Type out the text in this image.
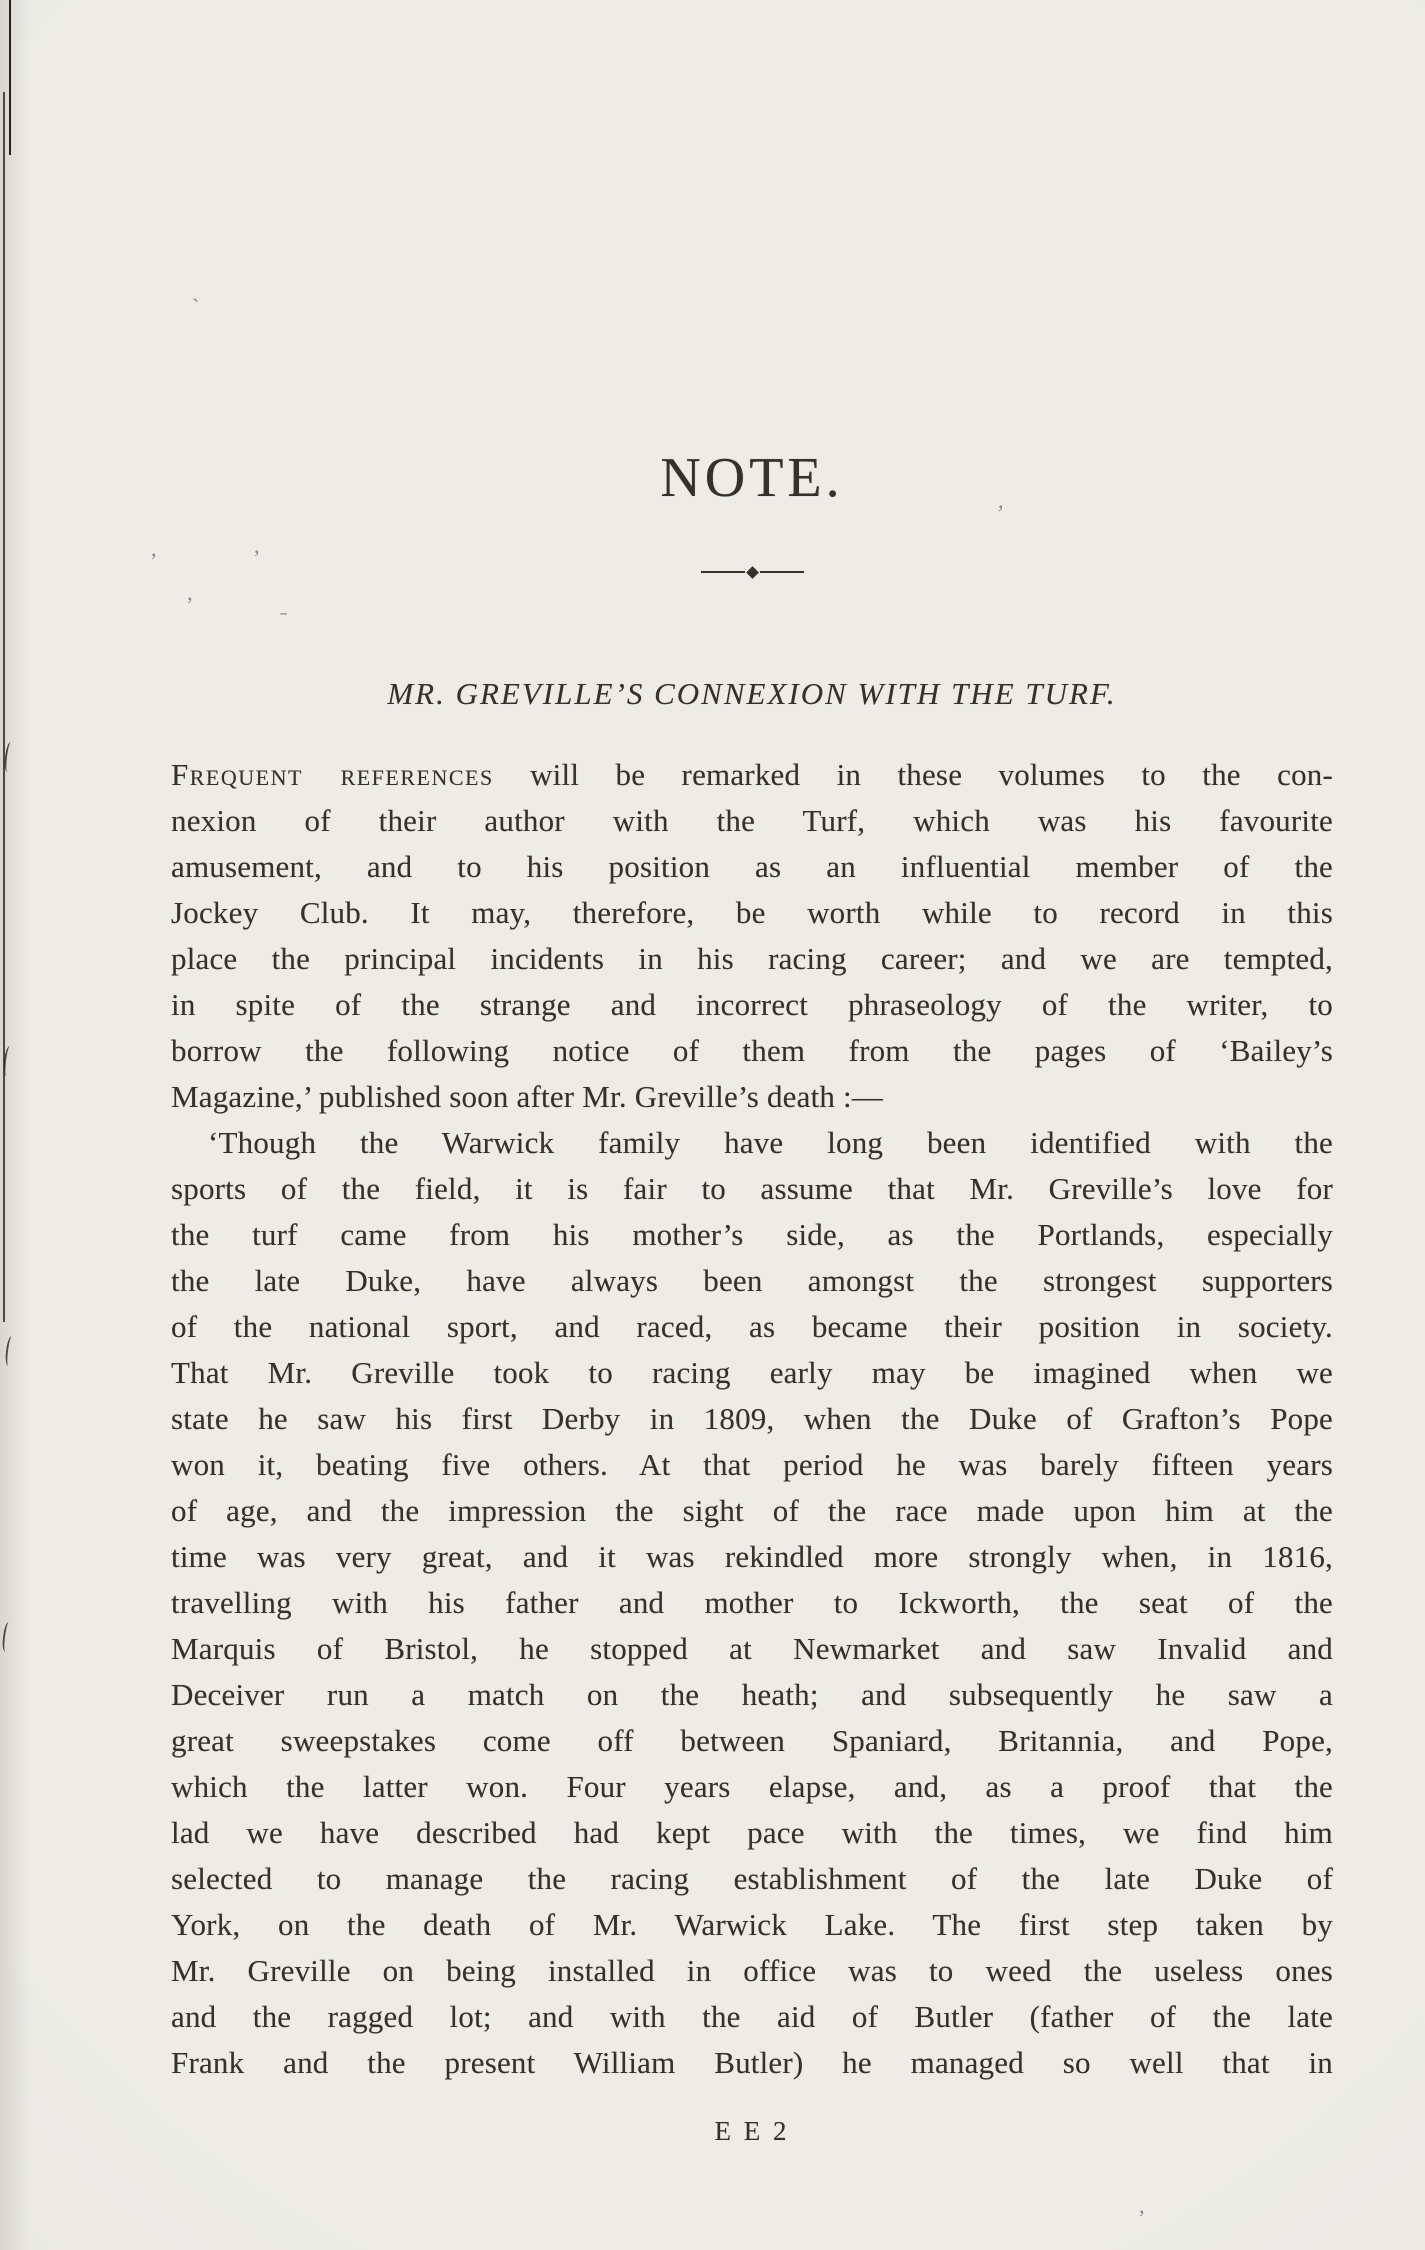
ˋ
,
’	’
’	˗
’
NOTE.
MR. GREVILLE’S CONNEXION WITH THE TURF.
Frequent references will be remarked in these volumes to the con-
nexion of their author with the Turf, which was his favourite
amusement, and to his position as an influential member of the
Jockey Club. It may, therefore, be worth while to record in this
place the principal incidents in his racing career; and we are tempted,
in spite of the strange and incorrect phraseology of the writer, to
borrow the following notice of them from the pages of ‘Bailey’s
Magazine,’ published soon after Mr. Greville’s death :—
‘Though the Warwick family have long been identified with the
sports of the field, it is fair to assume that Mr. Greville’s love for
the turf came from his mother’s side, as the Portlands, especially
the late Duke, have always been amongst the strongest supporters
of the national sport, and raced, as became their position in society.
That Mr. Greville took to racing early may be imagined when we
state he saw his first Derby in 1809, when the Duke of Grafton’s Pope
won it, beating five others. At that period he was barely fifteen years
of age, and the impression the sight of the race made upon him at the
time was very great, and it was rekindled more strongly when, in 1816,
travelling with his father and mother to Ickworth, the seat of the
Marquis of Bristol, he stopped at Newmarket and saw Invalid and
Deceiver run a match on the heath; and subsequently he saw a
great sweepstakes come off between Spaniard, Britannia, and Pope,
which the latter won. Four years elapse, and, as a proof that the
lad we have described had kept pace with the times, we find him
selected to manage the racing establishment of the late Duke of
York, on the death of Mr. Warwick Lake. The first step taken by
Mr. Greville on being installed in office was to weed the useless ones
and the ragged lot; and with the aid of Butler (father of the late
Frank and the present William Butler) he managed so well that in
E E 2
